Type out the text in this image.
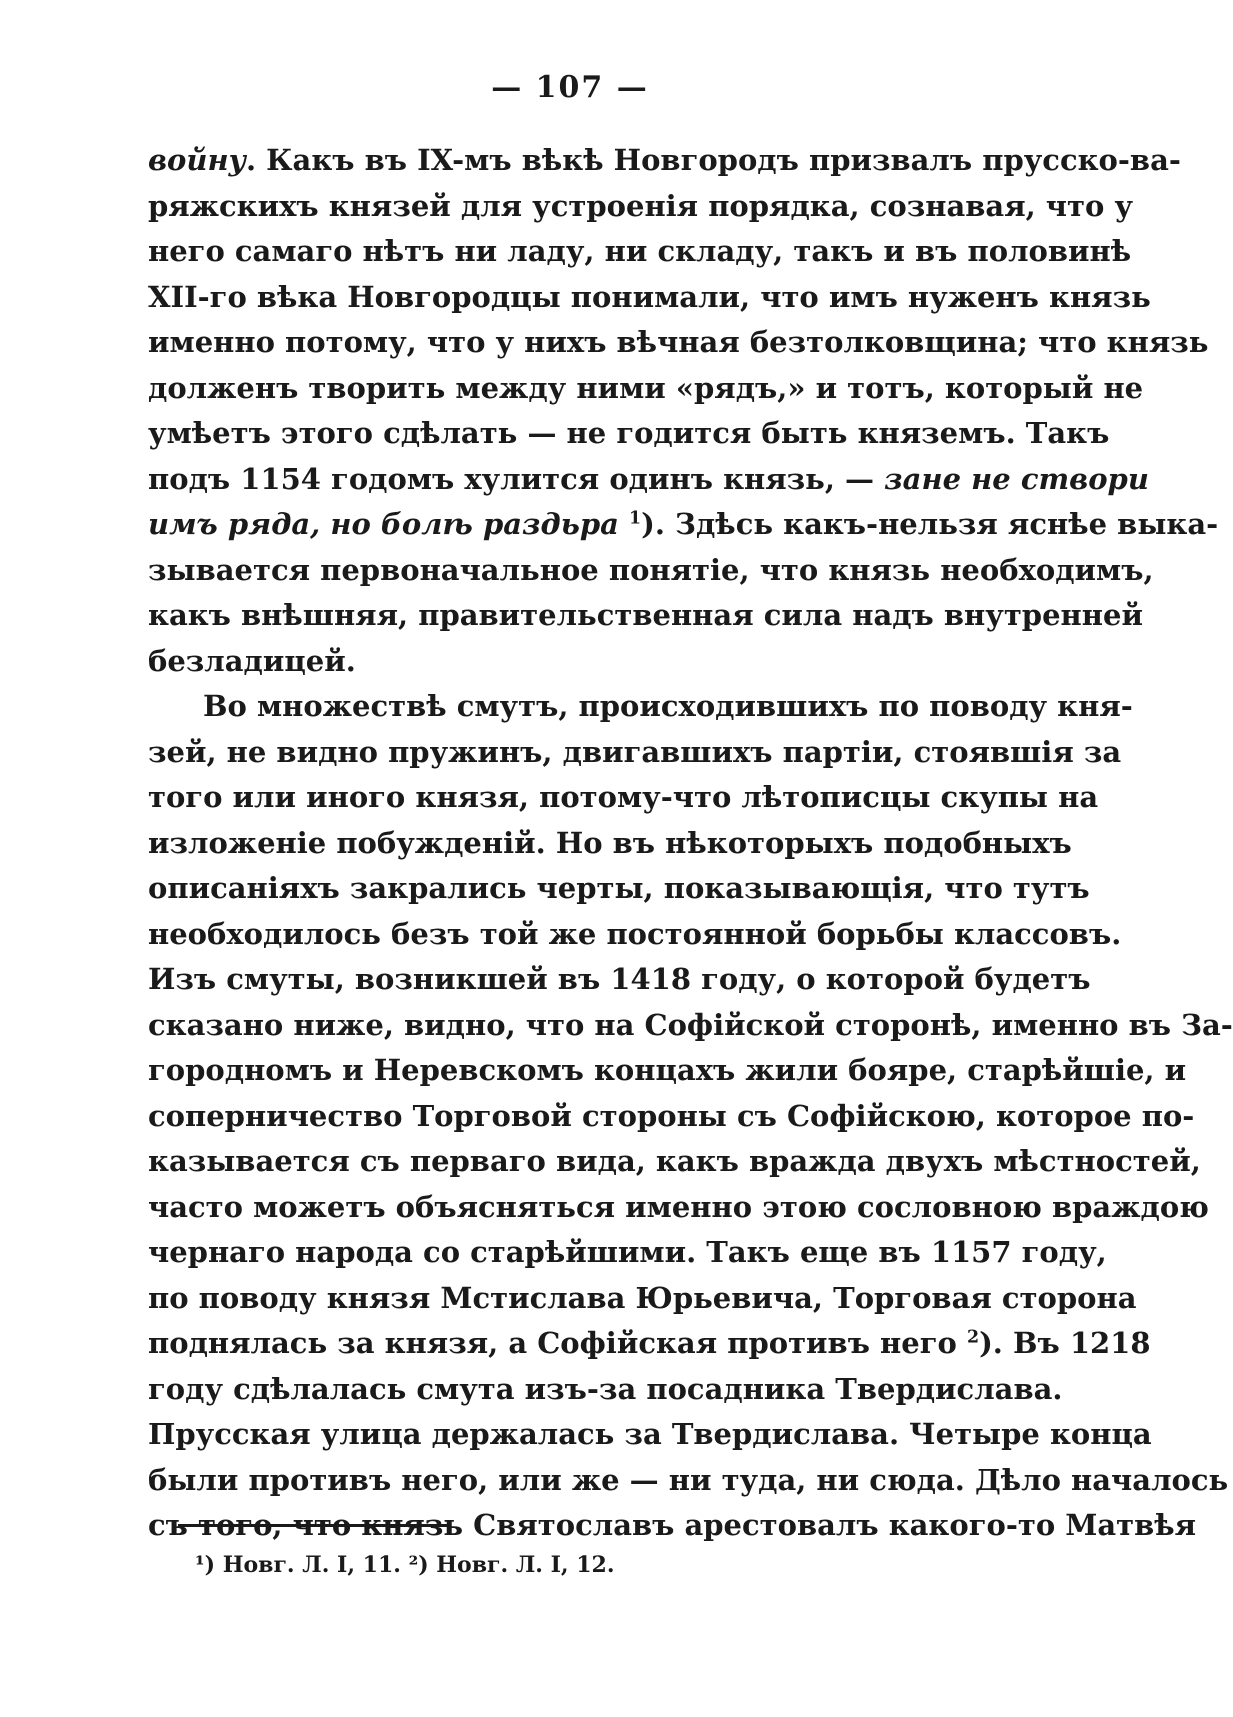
— 107 —
войну. Какъ въ IX-мъ вѣкѣ Новгородъ призвалъ прусско-ва-
ряжскихъ князей для устроенія порядка, сознавая, что у
него самаго нѣтъ ни ладу, ни складу, такъ и въ половинѣ
XII-го вѣка Новгородцы понимали, что имъ нуженъ князь
именно потому, что у нихъ вѣчная безтолковщина; что князь
долженъ творить между ними «рядъ,» и тотъ, который не
умѣетъ этого сдѣлать — не годится быть княземъ. Такъ
подъ 1154 годомъ хулится одинъ князь, — зане не створи
имъ ряда, но болѣ раздьра $^1$). Здѣсь какъ-нельзя яснѣе выка-
зывается первоначальное понятіе, что князь необходимъ,
какъ внѣшняя, правительственная сила надъ внутренней
безладицей.
Во множествѣ смутъ, происходившихъ по поводу кня-
зей, не видно пружинъ, двигавшихъ партіи, стоявшія за
того или иного князя, потому-что лѣтописцы скупы на
изложеніе побужденій. Но въ нѣкоторыхъ подобныхъ
описаніяхъ закрались черты, показывающія, что тутъ
необходилось безъ той же постоянной борьбы классовъ.
Изъ смуты, возникшей въ 1418 году, о которой будетъ
сказано ниже, видно, что на Софійской сторонѣ, именно въ За-
городномъ и Неревскомъ концахъ жили бояре, старѣйшіе, и
соперничество Торговой стороны съ Софійскою, которое по-
казывается съ перваго вида, какъ вражда двухъ мѣстностей,
часто можетъ объясняться именно этою сословною враждою
чернаго народа со старѣйшими. Такъ еще въ 1157 году,
по поводу князя Мстислава Юрьевича, Торговая сторона
поднялась за князя, а Софійская противъ него $^2$). Въ 1218
году сдѣлалась смута изъ-за посадника Твердислава.
Прусская улица держалась за Твердислава. Четыре конца
были противъ него, или же — ни туда, ни сюда. Дѣло началось
съ того, что князь Святославъ арестовалъ какого-то Матвѣя
¹) Новг. Л. I, 11. ²) Новг. Л. I, 12.
